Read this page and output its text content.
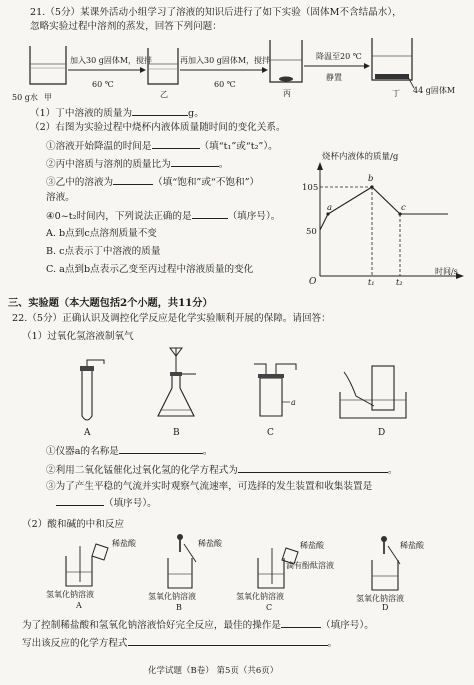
21.（5分）某课外活动小组学习了溶液的知识后进行了如下实验（固体M不含结晶水），
忽略实验过程中溶剂的蒸发，回答下列问题：
加入30 g固体M，搅拌
60 ℃
再加入30 g固体M，搅拌
60 ℃
降温至20 ℃
静置
44 g固体M
50 g水 甲	乙	丙	丁
（1）丁中溶液的质量为	g。
（2）右图为实验过程中烧杯内液体质量随时间的变化关系。
①溶液开始降温的时间是	（填“t₁”或“t₂”）。
②丙中溶质与溶剂的质量比为	。
③乙中的溶液为	（填“饱和”或“不饱和”）
溶液。
④0~t₂时间内，下列说法正确的是	（填序号）。
A. b点到c点溶剂质量不变
B. c点表示丁中溶液的质量
C. a点到b点表示乙变至丙过程中溶液质量的变化
烧杯内液体的质量/g
时间/s
O
105
50
a
b
c
t₁	t₂
三、实验题（本大题包括2个小题，共11分）
22.（5分）正确认识及调控化学反应是化学实验顺利开展的保障。请回答：
（1）过氧化氢溶液制氧气
A	B
a
C	D
①仪器a的名称是	。
②利用二氧化锰催化过氧化氢的化学方程式为	。
③为了产生平稳的气流并实时观察气流速率，可选择的发生装置和收集装置是
（填序号）。
（2）酸和碱的中和反应
稀盐酸
氢氧化钠溶液
A
稀盐酸
氢氧化钠溶液
B
稀盐酸
滴有酚酞溶液
氢氧化钠溶液
C
稀盐酸
氢氧化钠溶液
D
为了控制稀盐酸和氢氧化钠溶液恰好完全反应，最佳的操作是	（填序号）。
写出该反应的化学方程式	。
化学试题（B卷） 第5页（共6页）
